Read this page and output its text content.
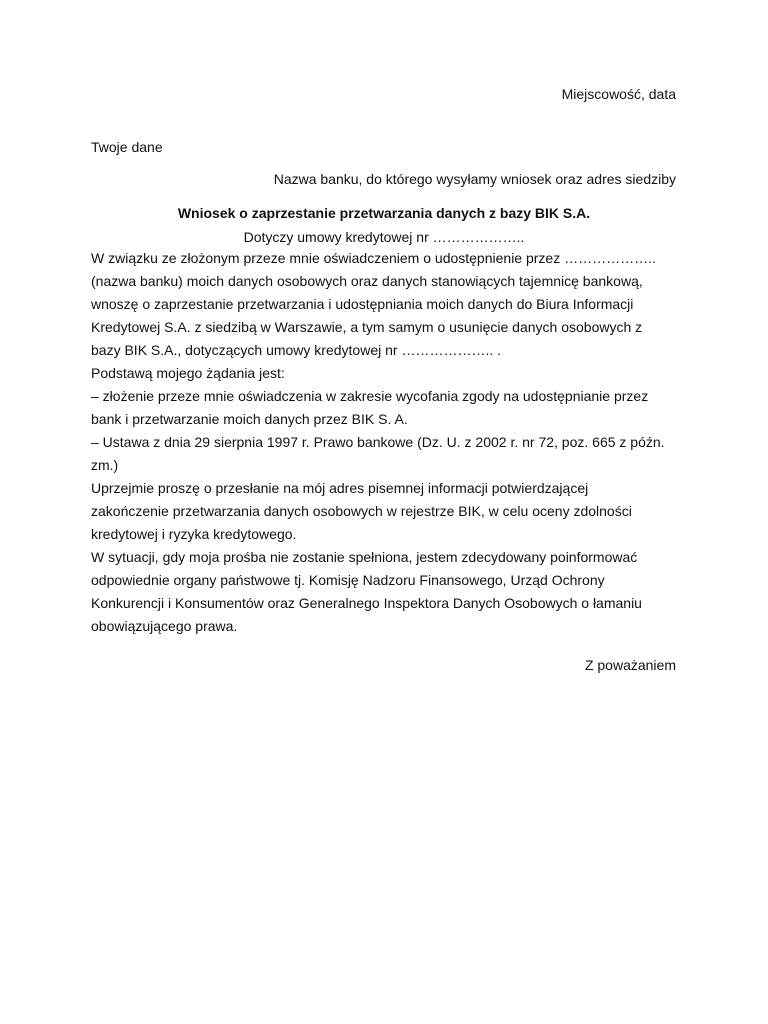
Miejscowość, data
Twoje dane
Nazwa banku, do którego wysyłamy wniosek oraz adres siedziby
Wniosek o zaprzestanie przetwarzania danych z bazy BIK S.A.
Dotyczy umowy kredytowej nr ………………..
W związku ze złożonym przeze mnie oświadczeniem o udostępnienie przez ………………..
(nazwa banku) moich danych osobowych oraz danych stanowiących tajemnicę bankową,
wnoszę o zaprzestanie przetwarzania i udostępniania moich danych do Biura Informacji
Kredytowej S.A. z siedzibą w Warszawie, a tym samym o usunięcie danych osobowych z
bazy BIK S.A., dotyczących umowy kredytowej nr ……………….. .
Podstawą mojego żądania jest:
– złożenie przeze mnie oświadczenia w zakresie wycofania zgody na udostępnianie przez
bank i przetwarzanie moich danych przez BIK S. A.
– Ustawa z dnia 29 sierpnia 1997 r. Prawo bankowe (Dz. U. z 2002 r. nr 72, poz. 665 z późn.
zm.)
Uprzejmie proszę o przesłanie na mój adres pisemnej informacji potwierdzającej
zakończenie przetwarzania danych osobowych w rejestrze BIK, w celu oceny zdolności
kredytowej i ryzyka kredytowego.
W sytuacji, gdy moja prośba nie zostanie spełniona, jestem zdecydowany poinformować
odpowiednie organy państwowe tj. Komisję Nadzoru Finansowego, Urząd Ochrony
Konkurencji i Konsumentów oraz Generalnego Inspektora Danych Osobowych o łamaniu
obowiązującego prawa.
Z poważaniem
